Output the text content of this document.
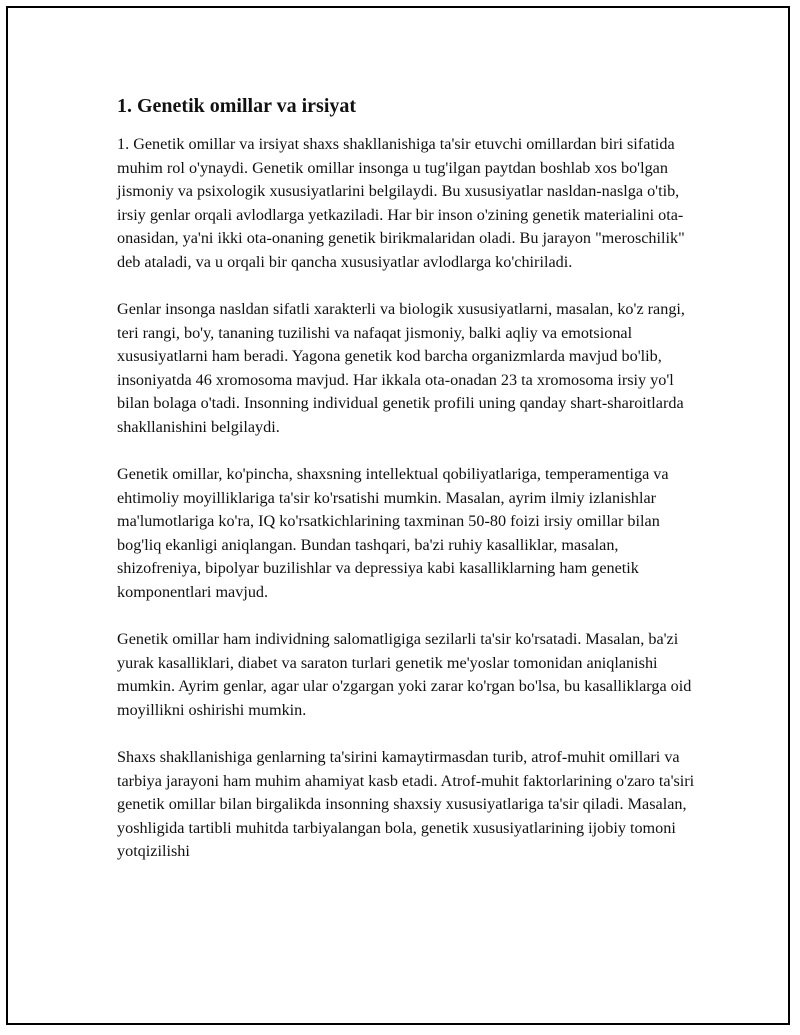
1. Genetik omillar va irsiyat

1. Genetik omillar va irsiyat shaxs shakllanishiga ta'sir etuvchi omillardan biri sifatida muhim rol o'ynaydi. Genetik omillar insonga u tug'ilgan paytdan boshlab xos bo'lgan jismoniy va psixologik xususiyatlarini belgilaydi. Bu xususiyatlar nasldan-naslga o'tib, irsiy genlar orqali avlodlarga yetkaziladi. Har bir inson o'zining genetik materialini ota-onasidan, ya'ni ikki ota-onaning genetik birikmalaridan oladi. Bu jarayon "meroschilik" deb ataladi, va u orqali bir qancha xususiyatlar avlodlarga ko'chiriladi.

Genlar insonga nasldan sifatli xarakterli va biologik xususiyatlarni, masalan, ko'z rangi, teri rangi, bo'y, tananing tuzilishi va nafaqat jismoniy, balki aqliy va emotsional xususiyatlarni ham beradi. Yagona genetik kod barcha organizmlarda mavjud bo'lib, insoniyatda 46 xromosoma mavjud. Har ikkala ota-onadan 23 ta xromosoma irsiy yo'l bilan bolaga o'tadi. Insonning individual genetik profili uning qanday shart-sharoitlarda shakllanishini belgilaydi.

Genetik omillar, ko'pincha, shaxsning intellektual qobiliyatlariga, temperamentiga va ehtimoliy moyilliklariga ta'sir ko'rsatishi mumkin. Masalan, ayrim ilmiy izlanishlar ma'lumotlariga ko'ra, IQ ko'rsatkichlarining taxminan 50-80 foizi irsiy omillar bilan bog'liq ekanligi aniqlangan. Bundan tashqari, ba'zi ruhiy kasalliklar, masalan, shizofreniya, bipolyar buzilishlar va depressiya kabi kasalliklarning ham genetik komponentlari mavjud.

Genetik omillar ham individning salomatligiga sezilarli ta'sir ko'rsatadi. Masalan, ba'zi yurak kasalliklari, diabet va saraton turlari genetik me'yoslar tomonidan aniqlanishi mumkin. Ayrim genlar, agar ular o'zgargan yoki zarar ko'rgan bo'lsa, bu kasalliklarga oid moyillikni oshirishi mumkin.

Shaxs shakllanishiga genlarning ta'sirini kamaytirmasdan turib, atrof-muhit omillari va tarbiya jarayoni ham muhim ahamiyat kasb etadi. Atrof-muhit faktorlarining o'zaro ta'siri genetik omillar bilan birgalikda insonning shaxsiy xususiyatlariga ta'sir qiladi. Masalan, yoshligida tartibli muhitda tarbiyalangan bola, genetik xususiyatlarining ijobiy tomoni yotqizilishi
